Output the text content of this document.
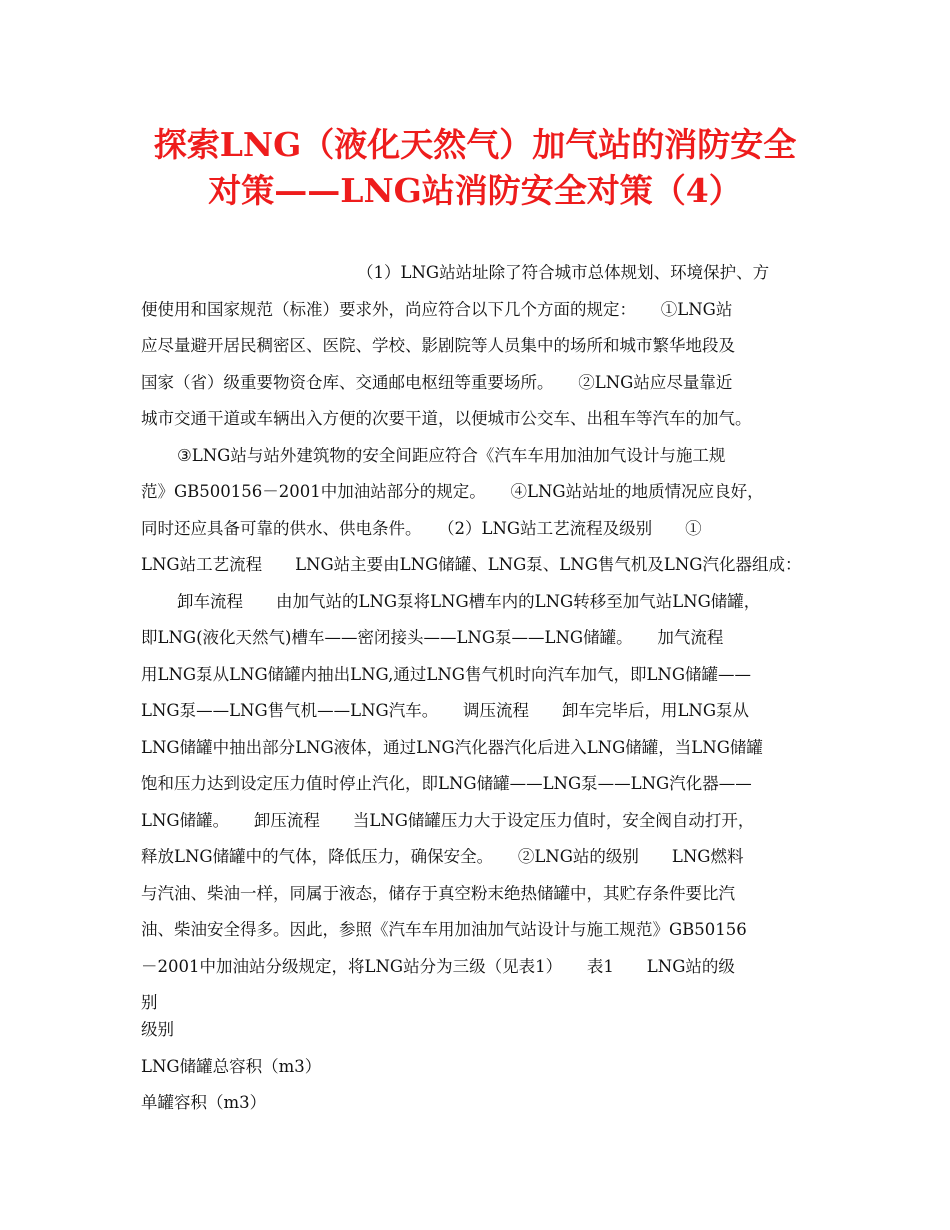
探索LNG（液化天然气）加气站的消防安全
对策——LNG站消防安全对策（4）
（1）LNG站站址除了符合城市总体规划、环境保护、方
便使用和国家规范（标准）要求外，尚应符合以下几个方面的规定：　　①LNG站
应尽量避开居民稠密区、医院、学校、影剧院等人员集中的场所和城市繁华地段及
国家（省）级重要物资仓库、交通邮电枢纽等重要场所。　　②LNG站应尽量靠近
城市交通干道或车辆出入方便的次要干道，以便城市公交车、出租车等汽车的加气。
③LNG站与站外建筑物的安全间距应符合《汽车车用加油加气设计与施工规
范》GB500156－2001中加油站部分的规定。　　④LNG站站址的地质情况应良好，
同时还应具备可靠的供水、供电条件。　　（2）LNG站工艺流程及级别　　①
LNG站工艺流程　　LNG站主要由LNG储罐、LNG泵、LNG售气机及LNG汽化器组成：
卸车流程　　由加气站的LNG泵将LNG槽车内的LNG转移至加气站LNG储罐，
即LNG(液化天然气)槽车——密闭接头——LNG泵——LNG储罐。　　加气流程
用LNG泵从LNG储罐内抽出LNG,通过LNG售气机时向汽车加气，即LNG储罐——
LNG泵——LNG售气机——LNG汽车。　　调压流程　　卸车完毕后，用LNG泵从
LNG储罐中抽出部分LNG液体，通过LNG汽化器汽化后进入LNG储罐，当LNG储罐
饱和压力达到设定压力值时停止汽化，即LNG储罐——LNG泵——LNG汽化器——
LNG储罐。　　卸压流程　　当LNG储罐压力大于设定压力值时，安全阀自动打开，
释放LNG储罐中的气体，降低压力，确保安全。　　②LNG站的级别　　LNG燃料
与汽油、柴油一样，同属于液态，储存于真空粉末绝热储罐中，其贮存条件要比汽
油、柴油安全得多。因此，参照《汽车车用加油加气站设计与施工规范》GB50156
－2001中加油站分级规定，将LNG站分为三级（见表1）　　表1　　LNG站的级
别
级别
LNG储罐总容积（m3）
单罐容积（m3）
